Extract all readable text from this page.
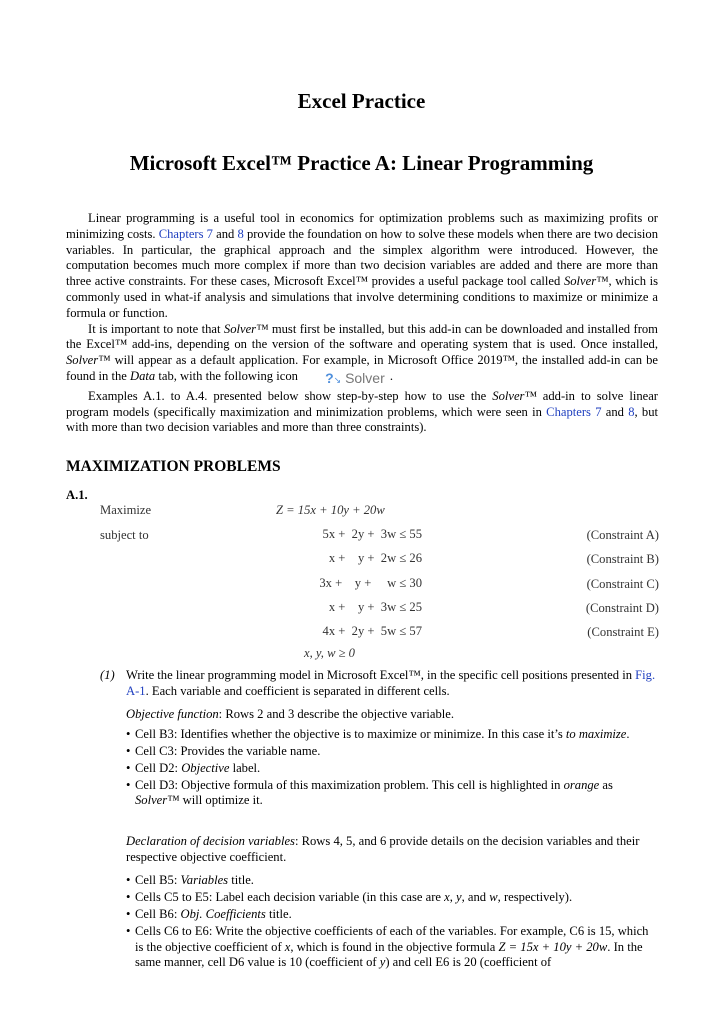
Excel Practice
Microsoft Excel™ Practice A: Linear Programming

Linear programming is a useful tool in economics for optimization problems such as maximizing profits or minimizing costs. Chapters 7 and 8 provide the foundation on how to solve these models when there are two decision variables. In particular, the graphical approach and the simplex algorithm were introduced. However, the computation becomes much more complex if more than two decision variables are added and there are more than three active constraints. For these cases, Microsoft Excel™ provides a useful package tool called Solver™, which is commonly used in what-if analysis and simulations that involve determining conditions to maximize or minimize a formula or function.

It is important to note that Solver™ must first be installed, but this add-in can be downloaded and installed from the Excel™ add-ins, depending on the version of the software and operating system that is used. Once installed, Solver™ will appear as a default application. For example, in Microsoft Office 2019™, the installed add-in can be found in the Data tab, with the following icon ?↘ Solver .

Examples A.1. to A.4. presented below show step-by-step how to use the Solver™ add-in to solve linear program models (specifically maximization and minimization problems, which were seen in Chapters 7 and 8, but with more than two decision variables and more than three constraints).

MAXIMIZATION PROBLEMS
A.1.
Maximize	Z = 15x + 10y + 20w
subject to	5x +  2y +  3w ≤ 55	(Constraint A)
x +    y +  2w ≤ 26	(Constraint B)
3x +    y +     w ≤ 30	(Constraint C)
x +    y +  3w ≤ 25	(Constraint D)
4x +  2y +  5w ≤ 57	(Constraint E)
x, y, w ≥ 0
(1) Write the linear programming model in Microsoft Excel™, in the specific cell positions presented in Fig. A-1. Each variable and coefficient is separated in different cells.

Objective function: Rows 2 and 3 describe the objective variable.

• Cell B3: Identifies whether the objective is to maximize or minimize. In this case it’s to maximize.
• Cell C3: Provides the variable name.
• Cell D2: Objective label.
• Cell D3: Objective formula of this maximization problem. This cell is highlighted in orange as Solver™ will optimize it.

Declaration of decision variables: Rows 4, 5, and 6 provide details on the decision variables and their respective objective coefficient.

• Cell B5: Variables title.
• Cells C5 to E5: Label each decision variable (in this case are x, y, and w, respectively).
• Cell B6: Obj. Coefficients title.
• Cells C6 to E6: Write the objective coefficients of each of the variables. For example, C6 is 15, which is the objective coefficient of x, which is found in the objective formula Z = 15x + 10y + 20w. In the same manner, cell D6 value is 10 (coefficient of y) and cell E6 is 20 (coefficient of
